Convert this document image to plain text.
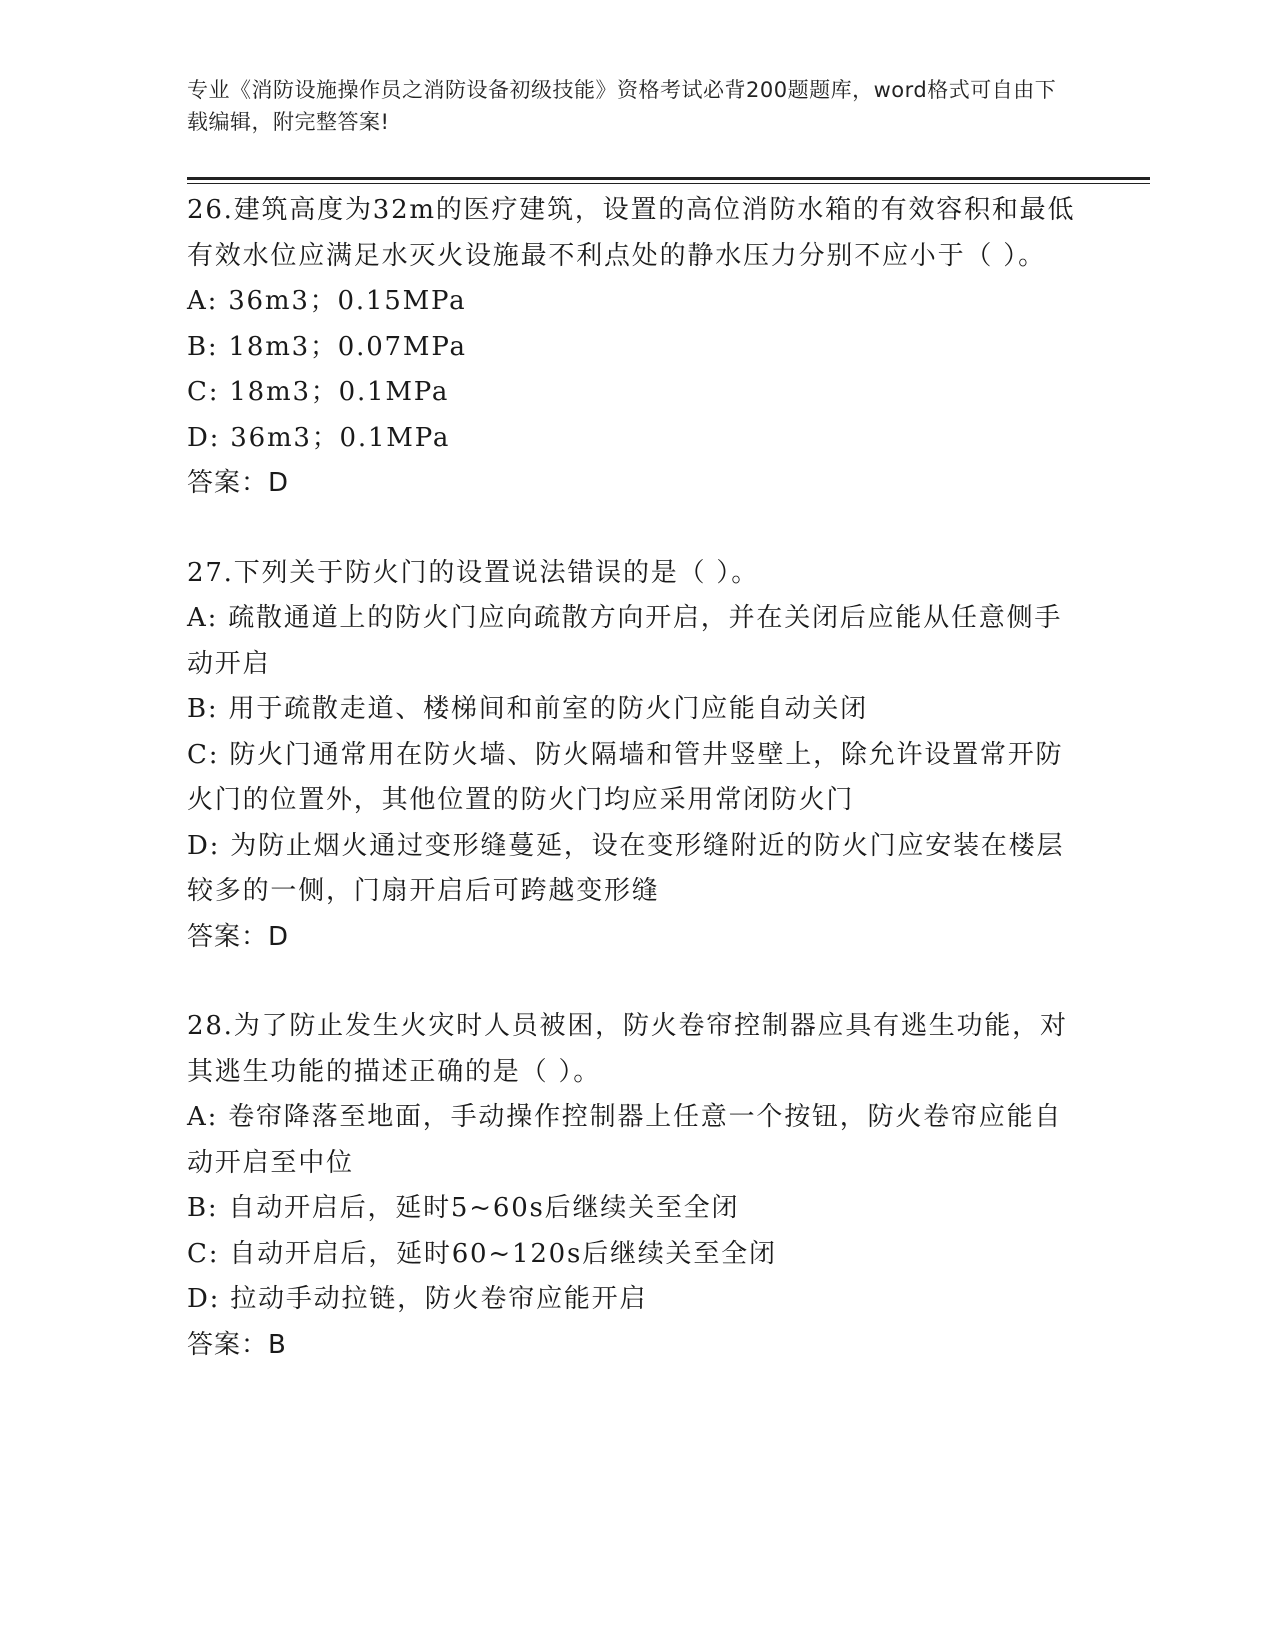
专业《消防设施操作员之消防设备初级技能》资格考试必背200题题库，word格式可自由下载编辑，附完整答案!

26.建筑高度为32m的医疗建筑，设置的高位消防水箱的有效容积和最低有效水位应满足水灭火设施最不利点处的静水压力分别不应小于（ ）。

A: 36m3；0.15MPa

B: 18m3；0.07MPa

C: 18m3；0.1MPa

D: 36m3；0.1MPa

答案：D

27.下列关于防火门的设置说法错误的是（ ）。

A: 疏散通道上的防火门应向疏散方向开启，并在关闭后应能从任意侧手动开启

B: 用于疏散走道、楼梯间和前室的防火门应能自动关闭

C: 防火门通常用在防火墙、防火隔墙和管井竖壁上，除允许设置常开防火门的位置外，其他位置的防火门均应采用常闭防火门

D: 为防止烟火通过变形缝蔓延，设在变形缝附近的防火门应安装在楼层较多的一侧，门扇开启后可跨越变形缝

答案：D

28.为了防止发生火灾时人员被困，防火卷帘控制器应具有逃生功能，对其逃生功能的描述正确的是（ ）。

A: 卷帘降落至地面，手动操作控制器上任意一个按钮，防火卷帘应能自动开启至中位

B: 自动开启后，延时5~60s后继续关至全闭

C: 自动开启后，延时60~120s后继续关至全闭

D: 拉动手动拉链，防火卷帘应能开启

答案：B
